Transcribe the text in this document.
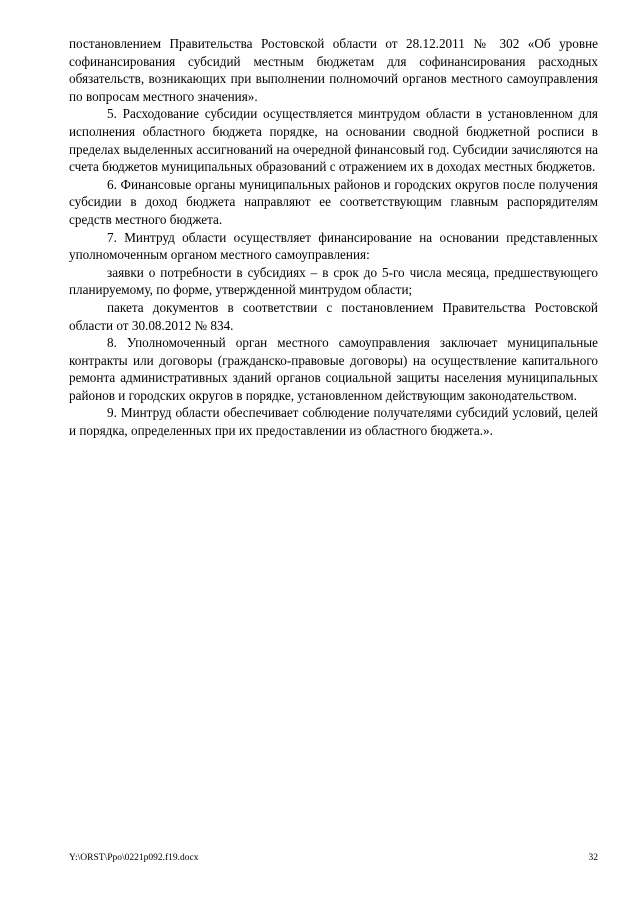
постановлением Правительства Ростовской области от 28.12.2011 № 302 «Об уровне софинансирования субсидий местным бюджетам для софинансирования расходных обязательств, возникающих при выполнении полномочий органов местного самоуправления по вопросам местного значения».

5. Расходование субсидии осуществляется минтрудом области в установленном для исполнения областного бюджета порядке, на основании сводной бюджетной росписи в пределах выделенных ассигнований на очередной финансовый год. Субсидии зачисляются на счета бюджетов муниципальных образований с отражением их в доходах местных бюджетов.

6. Финансовые органы муниципальных районов и городских округов после получения субсидии в доход бюджета направляют ее соответствующим главным распорядителям средств местного бюджета.

7. Минтруд области осуществляет финансирование на основании представленных уполномоченным органом местного самоуправления:

заявки о потребности в субсидиях – в срок до 5-го числа месяца, предшествующего планируемому, по форме, утвержденной минтрудом области;

пакета документов в соответствии с постановлением Правительства Ростовской области от 30.08.2012 № 834.

8. Уполномоченный орган местного самоуправления заключает муниципальные контракты или договоры (гражданско-правовые договоры) на осуществление капитального ремонта административных зданий органов социальной защиты населения муниципальных районов и городских округов в порядке, установленном действующим законодательством.

9. Минтруд области обеспечивает соблюдение получателями субсидий условий, целей и порядка, определенных при их предоставлении из областного бюджета.».

Y:\ORST\Ppo\0221p092.f19.docx	32
